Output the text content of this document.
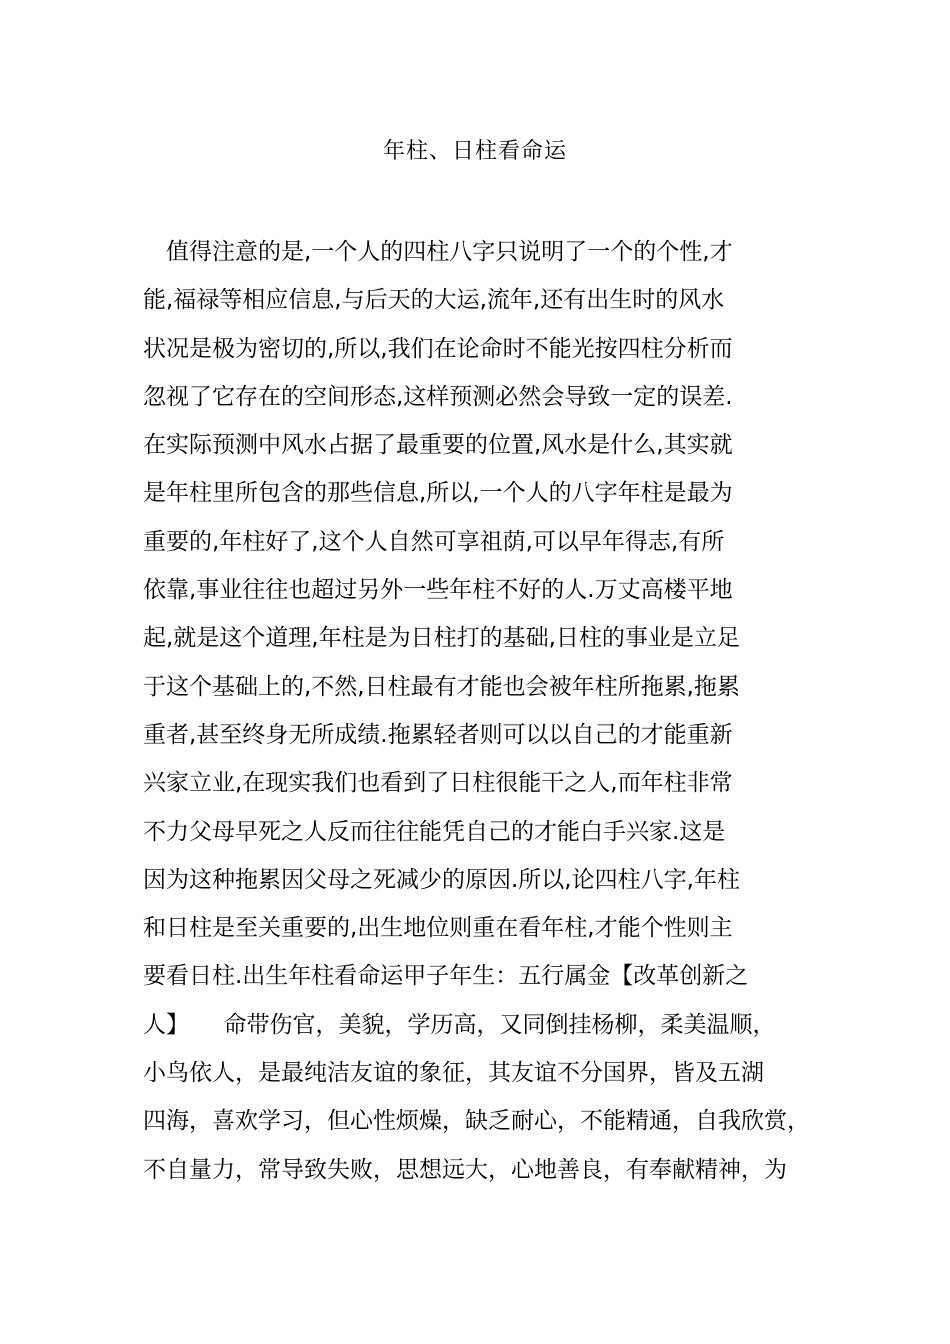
年柱、日柱看命运
　值得注意的是,一个人的四柱八字只说明了一个的个性,才
能,福禄等相应信息,与后天的大运,流年,还有出生时的风水
状况是极为密切的,所以,我们在论命时不能光按四柱分析而
忽视了它存在的空间形态,这样预测必然会导致一定的误差.
在实际预测中风水占据了最重要的位置,风水是什么,其实就
是年柱里所包含的那些信息,所以,一个人的八字年柱是最为
重要的,年柱好了,这个人自然可享祖荫,可以早年得志,有所
依靠,事业往往也超过另外一些年柱不好的人.万丈高楼平地
起,就是这个道理,年柱是为日柱打的基础,日柱的事业是立足
于这个基础上的,不然,日柱最有才能也会被年柱所拖累,拖累
重者,甚至终身无所成绩.拖累轻者则可以以自己的才能重新
兴家立业,在现实我们也看到了日柱很能干之人,而年柱非常
不力父母早死之人反而往往能凭自己的才能白手兴家.这是
因为这种拖累因父母之死减少的原因.所以,论四柱八字,年柱
和日柱是至关重要的,出生地位则重在看年柱,才能个性则主
要看日柱.出生年柱看命运甲子年生：五行属金【改革创新之
人】　　命带伤官，美貌，学历高，又同倒挂杨柳，柔美温顺，
小鸟依人，是最纯洁友谊的象征，其友谊不分国界，皆及五湖
四海，喜欢学习，但心性烦燥，缺乏耐心，不能精通，自我欣赏，
不自量力，常导致失败，思想远大，心地善良，有奉献精神，为
